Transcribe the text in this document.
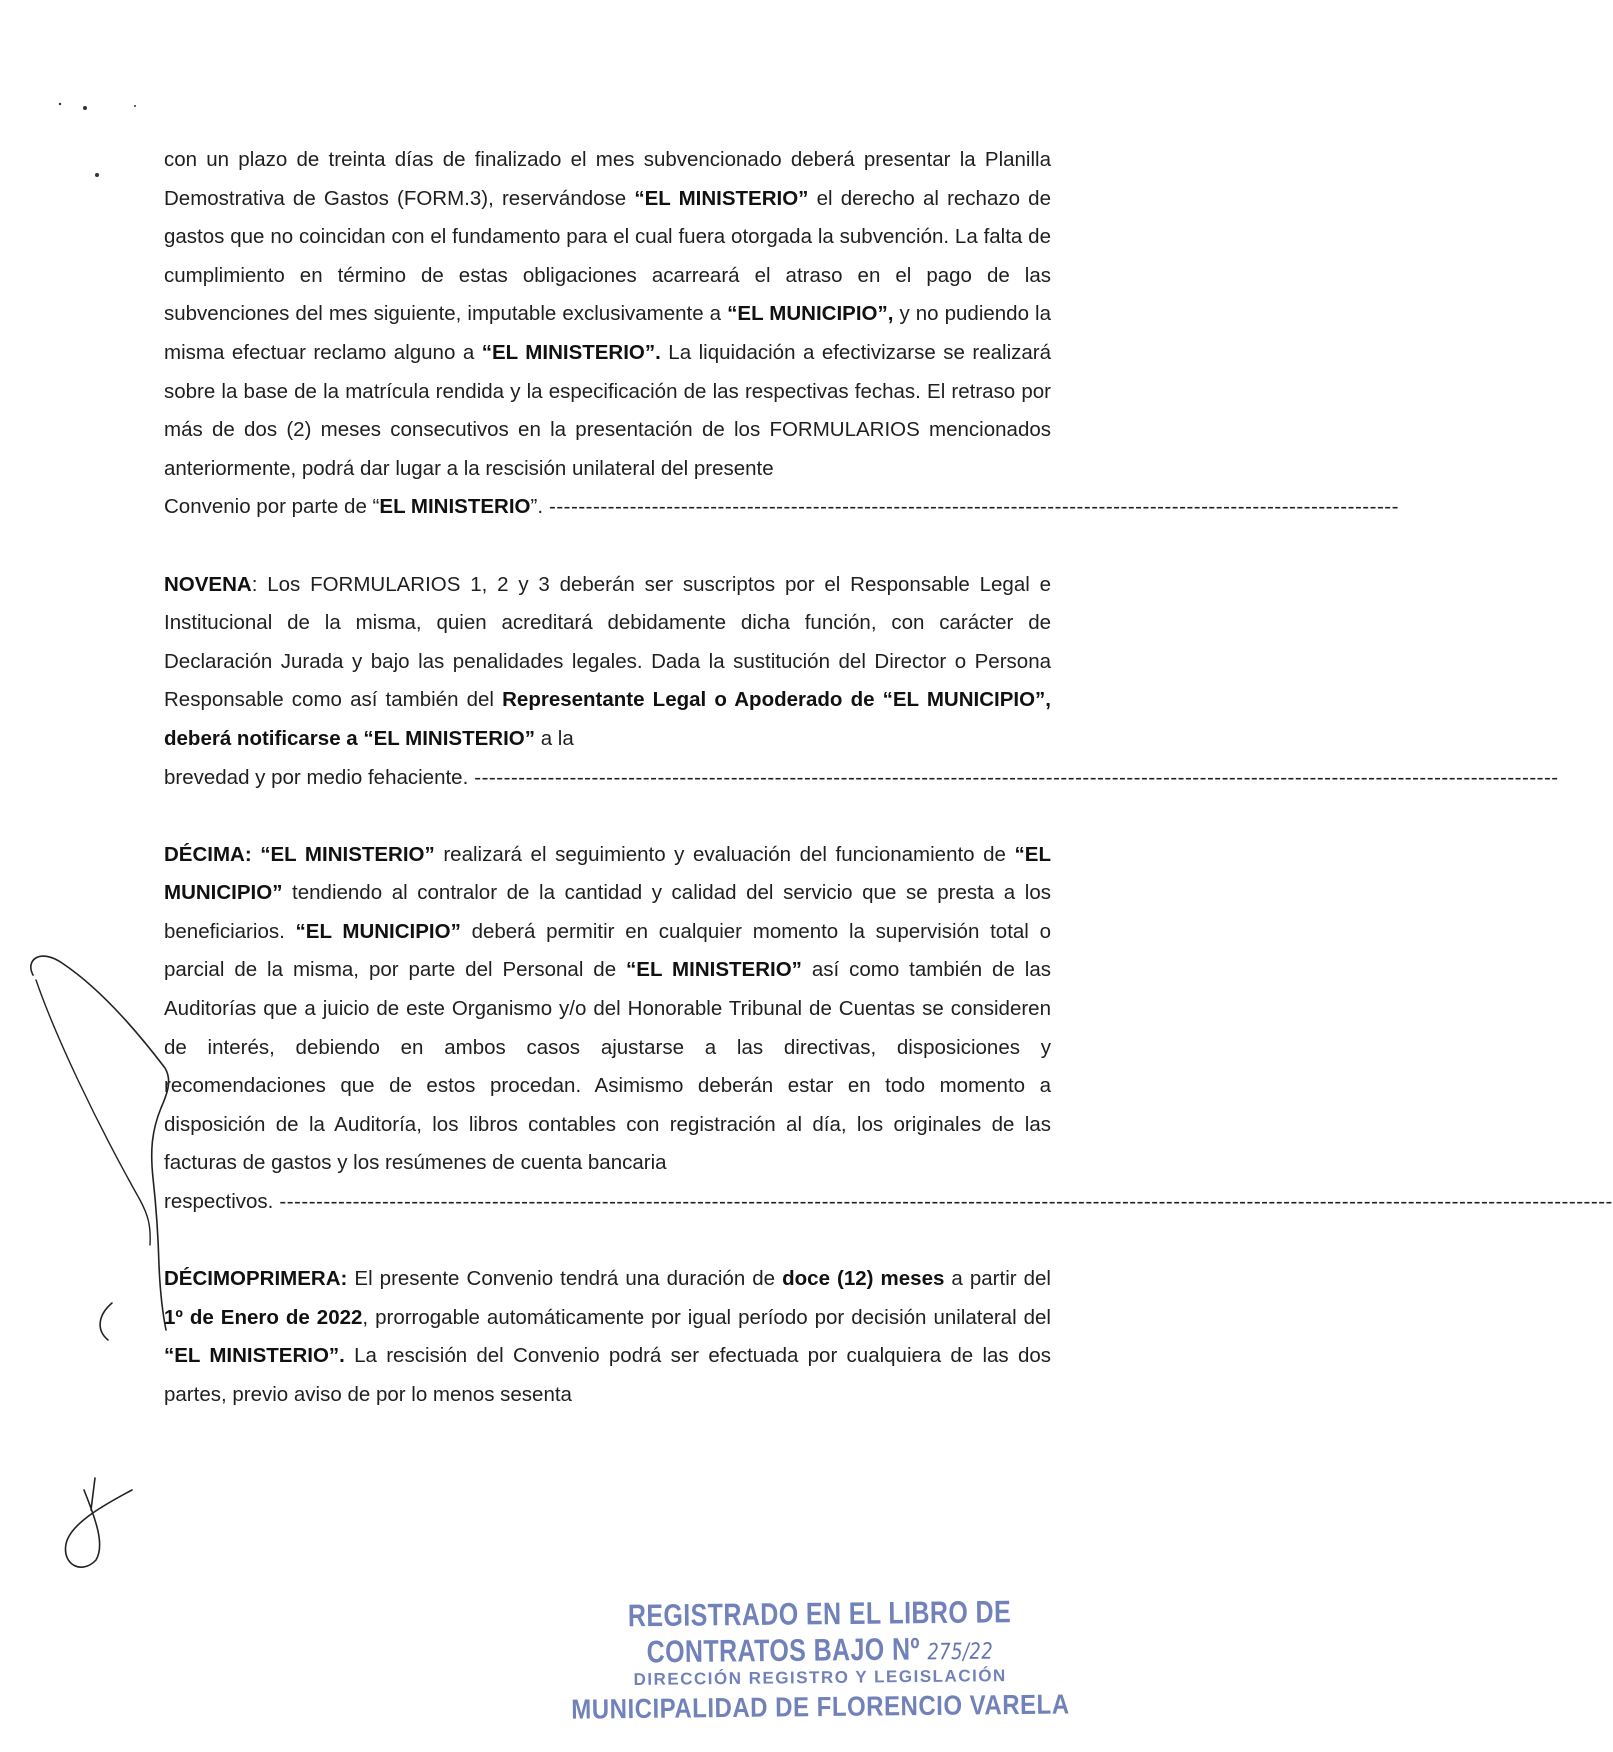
con un plazo de treinta días de finalizado el mes subvencionado deberá presentar la Planilla Demostrativa de Gastos (FORM.3), reservándose “EL MINISTERIO” el derecho al rechazo de gastos que no coincidan con el fundamento para el cual fuera otorgada la subvención. La falta de cumplimiento en término de estas obligaciones acarreará el atraso en el pago de las subvenciones del mes siguiente, imputable exclusivamente a “EL MUNICIPIO”, y no pudiendo la misma efectuar reclamo alguno a “EL MINISTERIO”. La liquidación a efectivizarse se realizará sobre la base de la matrícula rendida y la especificación de las respectivas fechas. El retraso por más de dos (2) meses consecutivos en la presentación de los FORMULARIOS mencionados anteriormente, podrá dar lugar a la rescisión unilateral del presente

Convenio por parte de “EL MINISTERIO”. --------------------------------------------------------------------------------------------------------------------

NOVENA: Los FORMULARIOS 1, 2 y 3 deberán ser suscriptos por el Responsable Legal e Institucional de la misma, quien acreditará debidamente dicha función, con carácter de Declaración Jurada y bajo las penalidades legales. Dada la sustitución del Director o Persona Responsable como así también del Representante Legal o Apoderado de “EL MUNICIPIO”, deberá notificarse a “EL MINISTERIO” a la

brevedad y por medio fehaciente. ----------------------------------------------------------------------------------------------------------------------------------------------------

DÉCIMA: “EL MINISTERIO” realizará el seguimiento y evaluación del funcionamiento de “EL MUNICIPIO” tendiendo al contralor de la cantidad y calidad del servicio que se presta a los beneficiarios. “EL MUNICIPIO” deberá permitir en cualquier momento la supervisión total o parcial de la misma, por parte del Personal de “EL MINISTERIO” así como también de las Auditorías que a juicio de este Organismo y/o del Honorable Tribunal de Cuentas se consideren de interés, debiendo en ambos casos ajustarse a las directivas, disposiciones y recomendaciones que de estos procedan. Asimismo deberán estar en todo momento a disposición de la Auditoría, los libros contables con registración al día, los originales de las facturas de gastos y los resúmenes de cuenta bancaria

respectivos. --------------------------------------------------------------------------------------------------------------------------------------------------------------------------------------

DÉCIMOPRIMERA: El presente Convenio tendrá una duración de doce (12) meses a partir del 1º de Enero de 2022, prorrogable automáticamente por igual período por decisión unilateral del “EL MINISTERIO”. La rescisión del Convenio podrá ser efectuada por cualquiera de las dos partes, previo aviso de por lo menos sesenta

REGISTRADO EN EL LIBRO DE CONTRATOS BAJO Nº 275/22
DIRECCIÓN REGISTRO Y LEGISLACIÓN
MUNICIPALIDAD DE FLORENCIO VARELA
